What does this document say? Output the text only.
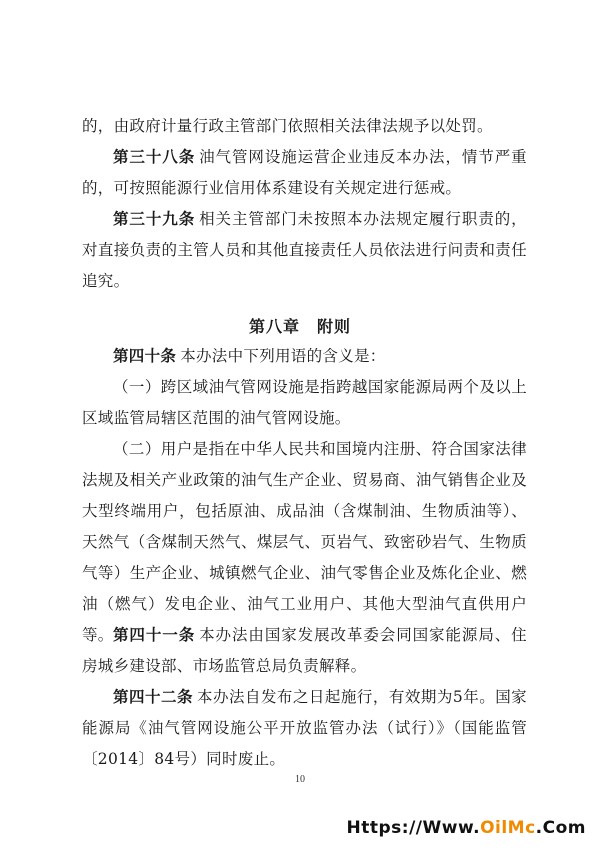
的，由政府计量行政主管部门依照相关法律法规予以处罚。

第三十八条 油气管网设施运营企业违反本办法，情节严重的，可按照能源行业信用体系建设有关规定进行惩戒。

第三十九条 相关主管部门未按照本办法规定履行职责的，对直接负责的主管人员和其他直接责任人员依法进行问责和责任追究。

第八章　附则

第四十条 本办法中下列用语的含义是：

（一）跨区域油气管网设施是指跨越国家能源局两个及以上区域监管局辖区范围的油气管网设施。

（二）用户是指在中华人民共和国境内注册、符合国家法律法规及相关产业政策的油气生产企业、贸易商、油气销售企业及大型终端用户，包括原油、成品油（含煤制油、生物质油等）、天然气（含煤制天然气、煤层气、页岩气、致密砂岩气、生物质气等）生产企业、城镇燃气企业、油气零售企业及炼化企业、燃油（燃气）发电企业、油气工业用户、其他大型油气直供用户等。 第四十一条 本办法由国家发展改革委会同国家能源局、住房城乡建设部、市场监管总局负责解释。

第四十二条 本办法自发布之日起施行，有效期为5年。国家能源局《油气管网设施公平开放监管办法（试行）》（国能监管〔2014〕84号）同时废止。

10
Https://Www.OilMc.Com
